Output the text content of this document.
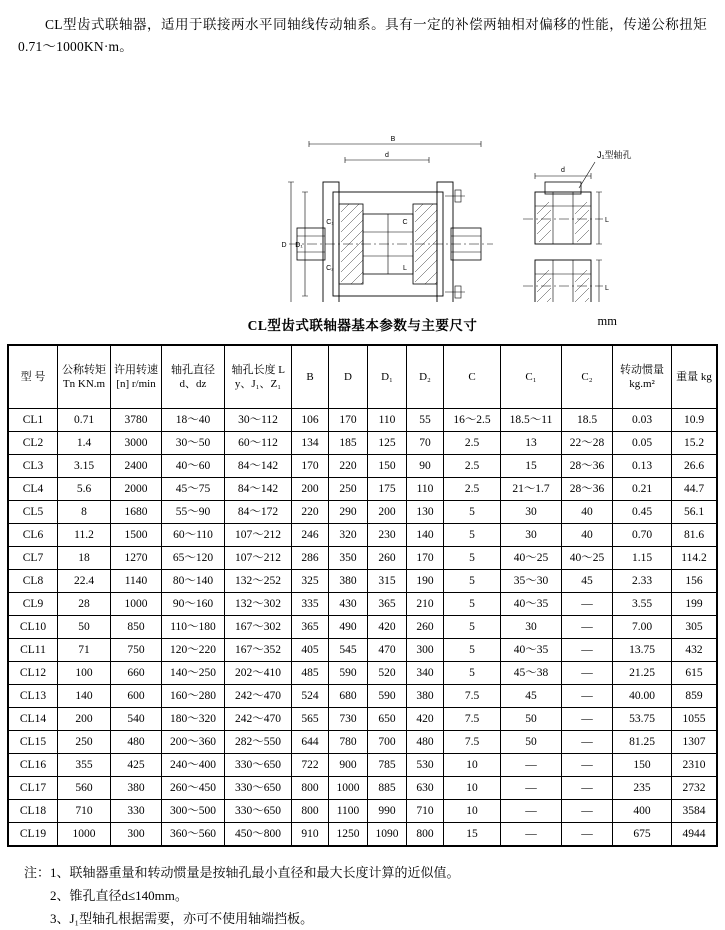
CL型齿式联轴器，适用于联接两水平同轴线传动轴系。具有一定的补偿两轴相对偏移的性能，传递公称扭矩0.71～1000KN·m。

B
d
D D₁
L
C
C₁
C₂
d
L
L
J₁型轴孔
CL型齿式联轴器基本参数与主要尺寸	mm
型 号	公称转矩 Tn KN.m	许用转速 [n] r/min	轴孔直径 d、dz	轴孔长度 L y、J₁、Z₁	B	D	D₁	D₂	C	C₁	C₂	转动惯量 kg.m²	重量 kg
CL1	0.71	3780	18～40	30～112	106	170	110	55	16～2.5	18.5～11	18.5	0.03	10.9
CL2	1.4	3000	30～50	60～112	134	185	125	70	2.5	13	22～28	0.05	15.2
CL3	3.15	2400	40～60	84～142	170	220	150	90	2.5	15	28～36	0.13	26.6
CL4	5.6	2000	45～75	84～142	200	250	175	110	2.5	21～1.7	28～36	0.21	44.7
CL5	8	1680	55～90	84～172	220	290	200	130	5	30	40	0.45	56.1
CL6	11.2	1500	60～110	107～212	246	320	230	140	5	30	40	0.70	81.6
CL7	18	1270	65～120	107～212	286	350	260	170	5	40～25	40～25	1.15	114.2
CL8	22.4	1140	80～140	132～252	325	380	315	190	5	35～30	45	2.33	156
CL9	28	1000	90～160	132～302	335	430	365	210	5	40～35	—	3.55	199
CL10	50	850	110～180	167～302	365	490	420	260	5	30	—	7.00	305
CL11	71	750	120～220	167～352	405	545	470	300	5	40～35	—	13.75	432
CL12	100	660	140～250	202～410	485	590	520	340	5	45～38	—	21.25	615
CL13	140	600	160～280	242～470	524	680	590	380	7.5	45	—	40.00	859
CL14	200	540	180～320	242～470	565	730	650	420	7.5	50	—	53.75	1055
CL15	250	480	200～360	282～550	644	780	700	480	7.5	50	—	81.25	1307
CL16	355	425	240～400	330～650	722	900	785	530	10	—	—	150	2310
CL17	560	380	260～450	330～650	800	1000	885	630	10	—	—	235	2732
CL18	710	330	300～500	330～650	800	1100	990	710	10	—	—	400	3584
CL19	1000	300	360～560	450～800	910	1250	1090	800	15	—	—	675	4944
注：1、联轴器重量和转动惯量是按轴孔最小直径和最大长度计算的近似值。
2、锥孔直径d≤140mm。
3、J₁型轴孔根据需要，亦可不使用轴端挡板。
